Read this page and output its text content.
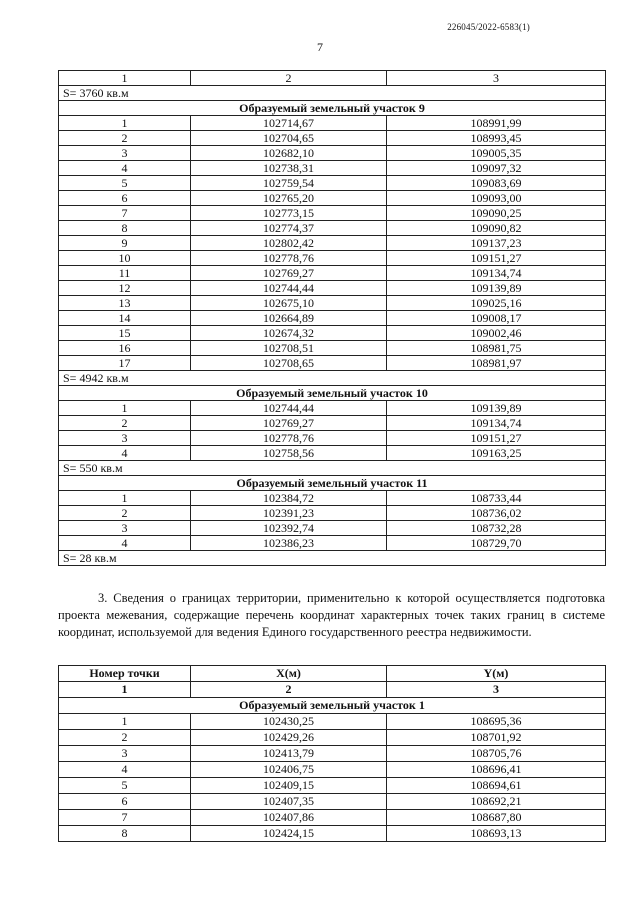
226045/2022-6583(1)
7
1	2	3
S= 3760 кв.м		
Образуемый земельный участок 9		
1	102714,67	108991,99
2	102704,65	108993,45
3	102682,10	109005,35
4	102738,31	109097,32
5	102759,54	109083,69
6	102765,20	109093,00
7	102773,15	109090,25
8	102774,37	109090,82
9	102802,42	109137,23
10	102778,76	109151,27
11	102769,27	109134,74
12	102744,44	109139,89
13	102675,10	109025,16
14	102664,89	109008,17
15	102674,32	109002,46
16	102708,51	108981,75
17	102708,65	108981,97
S= 4942 кв.м		
Образуемый земельный участок 10		
1	102744,44	109139,89
2	102769,27	109134,74
3	102778,76	109151,27
4	102758,56	109163,25
S= 550 кв.м		
Образуемый земельный участок 11		
1	102384,72	108733,44
2	102391,23	108736,02
3	102392,74	108732,28
4	102386,23	108729,70
S= 28 кв.м		

3. Сведения о границах территории, применительно к которой осуществляется подготовка проекта межевания, содержащие перечень координат характерных точек таких границ в системе координат, используемой для ведения Единого государственного реестра недвижимости.

Номер точки	X(м)	Y(м)
1	2	3
Образуемый земельный участок 1		
1	102430,25	108695,36
2	102429,26	108701,92
3	102413,79	108705,76
4	102406,75	108696,41
5	102409,15	108694,61
6	102407,35	108692,21
7	102407,86	108687,80
8	102424,15	108693,13
